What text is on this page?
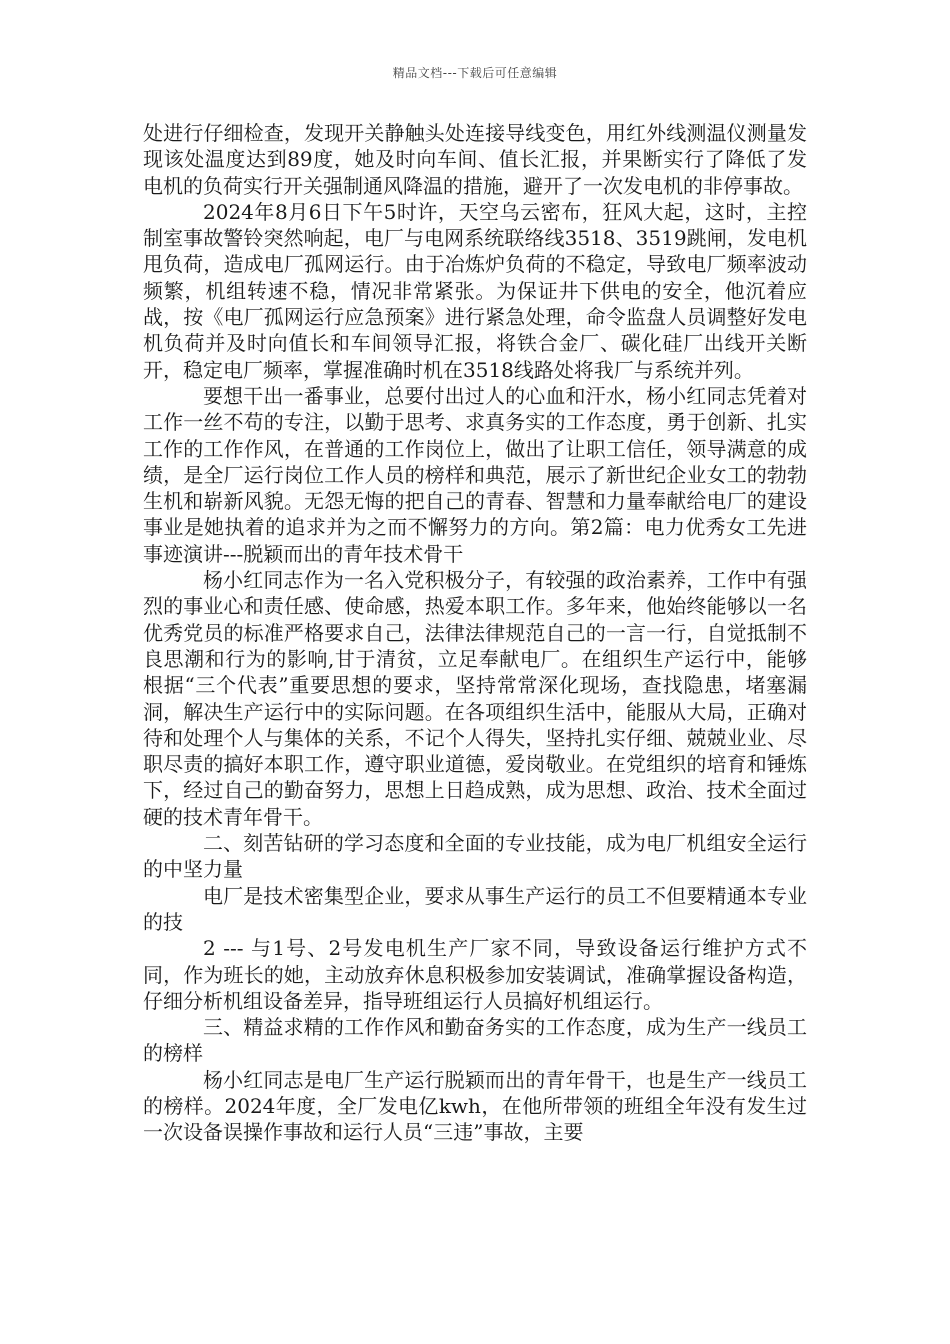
精品文档---下载后可任意编辑

处进行仔细检查，发现开关静触头处连接导线变色，用红外线测温仪测量发现该处温度达到89度，她及时向车间、值长汇报，并果断实行了降低了发电机的负荷实行开关强制通风降温的措施，避开了一次发电机的非停事故。

2024年8月6日下午5时许，天空乌云密布，狂风大起，这时，主控制室事故警铃突然响起，电厂与电网系统联络线3518、3519跳闸，发电机甩负荷，造成电厂孤网运行。由于冶炼炉负荷的不稳定，导致电厂频率波动频繁，机组转速不稳，情况非常紧张。为保证井下供电的安全，他沉着应战，按《电厂孤网运行应急预案》进行紧急处理，命令监盘人员调整好发电机负荷并及时向值长和车间领导汇报，将铁合金厂、碳化硅厂出线开关断开，稳定电厂频率，掌握准确时机在3518线路处将我厂与系统并列。

要想干出一番事业，总要付出过人的心血和汗水，杨小红同志凭着对工作一丝不苟的专注，以勤于思考、求真务实的工作态度，勇于创新、扎实工作的工作作风，在普通的工作岗位上，做出了让职工信任，领导满意的成绩，是全厂运行岗位工作人员的榜样和典范，展示了新世纪企业女工的勃勃生机和崭新风貌。无怨无悔的把自己的青春、智慧和力量奉献给电厂的建设事业是她执着的追求并为之而不懈努力的方向。第2篇：电力优秀女工先进事迹演讲---脱颖而出的青年技术骨干

杨小红同志作为一名入党积极分子，有较强的政治素养，工作中有强烈的事业心和责任感、使命感，热爱本职工作。多年来，他始终能够以一名优秀党员的标准严格要求自己，法律法律规范自己的一言一行，自觉抵制不良思潮和行为的影响,甘于清贫，立足奉献电厂。在组织生产运行中，能够根据“三个代表”重要思想的要求，坚持常常深化现场，查找隐患，堵塞漏洞，解决生产运行中的实际问题。在各项组织生活中，能服从大局，正确对待和处理个人与集体的关系，不记个人得失，坚持扎实仔细、兢兢业业、尽职尽责的搞好本职工作，遵守职业道德，爱岗敬业。在党组织的培育和锤炼下，经过自己的勤奋努力，思想上日趋成熟，成为思想、政治、技术全面过硬的技术青年骨干。

二、刻苦钻研的学习态度和全面的专业技能，成为电厂机组安全运行的中坚力量

电厂是技术密集型企业，要求从事生产运行的员工不但要精通本专业的技

2 --- 与1号、2号发电机生产厂家不同，导致设备运行维护方式不同，作为班长的她，主动放弃休息积极参加安装调试，准确掌握设备构造，仔细分析机组设备差异，指导班组运行人员搞好机组运行。

三、精益求精的工作作风和勤奋务实的工作态度，成为生产一线员工的榜样

杨小红同志是电厂生产运行脱颖而出的青年骨干，也是生产一线员工的榜样。2024年度，全厂发电亿kwh，在他所带领的班组全年没有发生过一次设备误操作事故和运行人员“三违”事故，主要
